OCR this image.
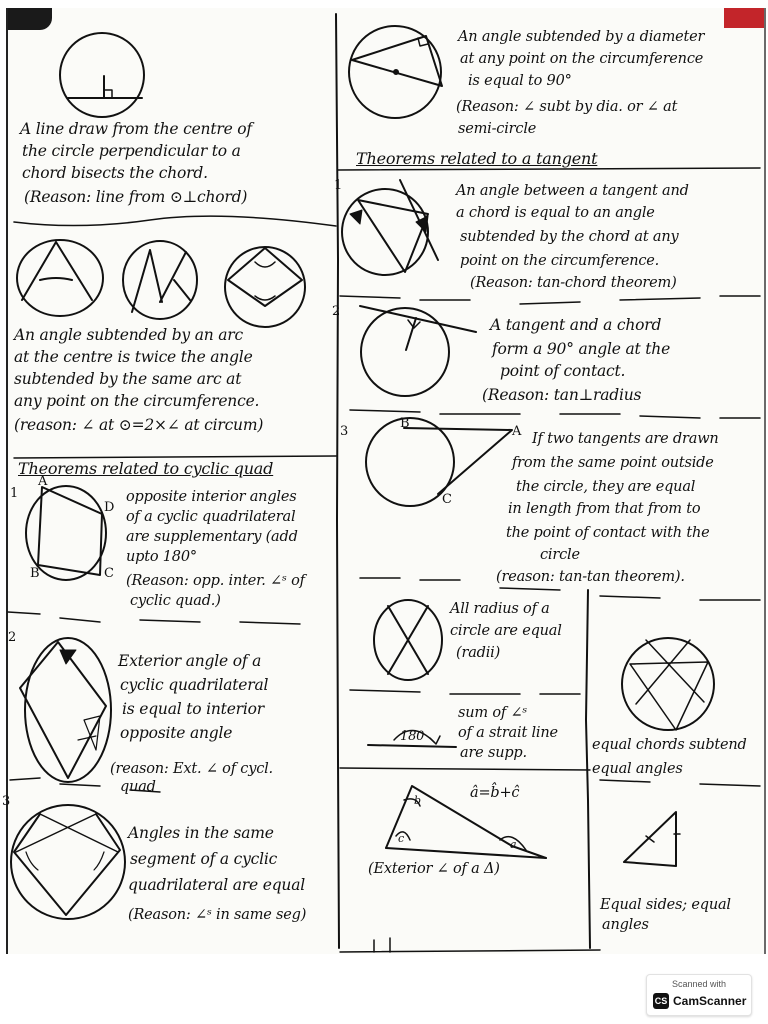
A line draw from the centre of
the circle perpendicular to a
chord bisects the chord.
(Reason: line from ⊙⊥chord)
An angle subtended by an arc
at the centre is twice the angle
subtended by the same arc at
any point on the circumference.
(reason: ∠ at ⊙=2×∠ at circum)
Theorems related to cyclic quad
1
A
D
B	C
opposite interior angles
of a cyclic quadrilateral
are supplementary (add
upto 180°
(Reason: opp. inter. ∠ˢ of
cyclic quad.)
2
Exterior angle of a
cyclic quadrilateral
is equal to interior
opposite angle
(reason: Ext. ∠ of cycl.
quad
3
Angles in the same
segment of a cyclic
quadrilateral are equal
(Reason: ∠ˢ in same seg)
An angle subtended by a diameter
at any point on the circumference
is equal to 90°
(Reason: ∠ subt by dia. or ∠ at
semi-circle
Theorems related to a tangent
1	An angle between a tangent and
a chord is equal to an angle
subtended by the chord at any
point on the circumference.
(Reason: tan-chord theorem)
2
A tangent and a chord
form a 90° angle at the
point of contact.
(Reason: tan⊥radius
3
B
A
C
If two tangents are drawn
from the same point outside
the circle, they are equal
in length from that from to
the point of contact with the
circle
(reason: tan-tan theorem).
All radius of a
circle are equal
(radii)
180
sum of ∠ˢ
of a strait line
are supp.
â=b̂+ĉ
b
c	a
(Exterior ∠ of a Δ)
equal chords subtend
equal angles
Equal sides; equal
angles
Scanned with
CS CamScanner
